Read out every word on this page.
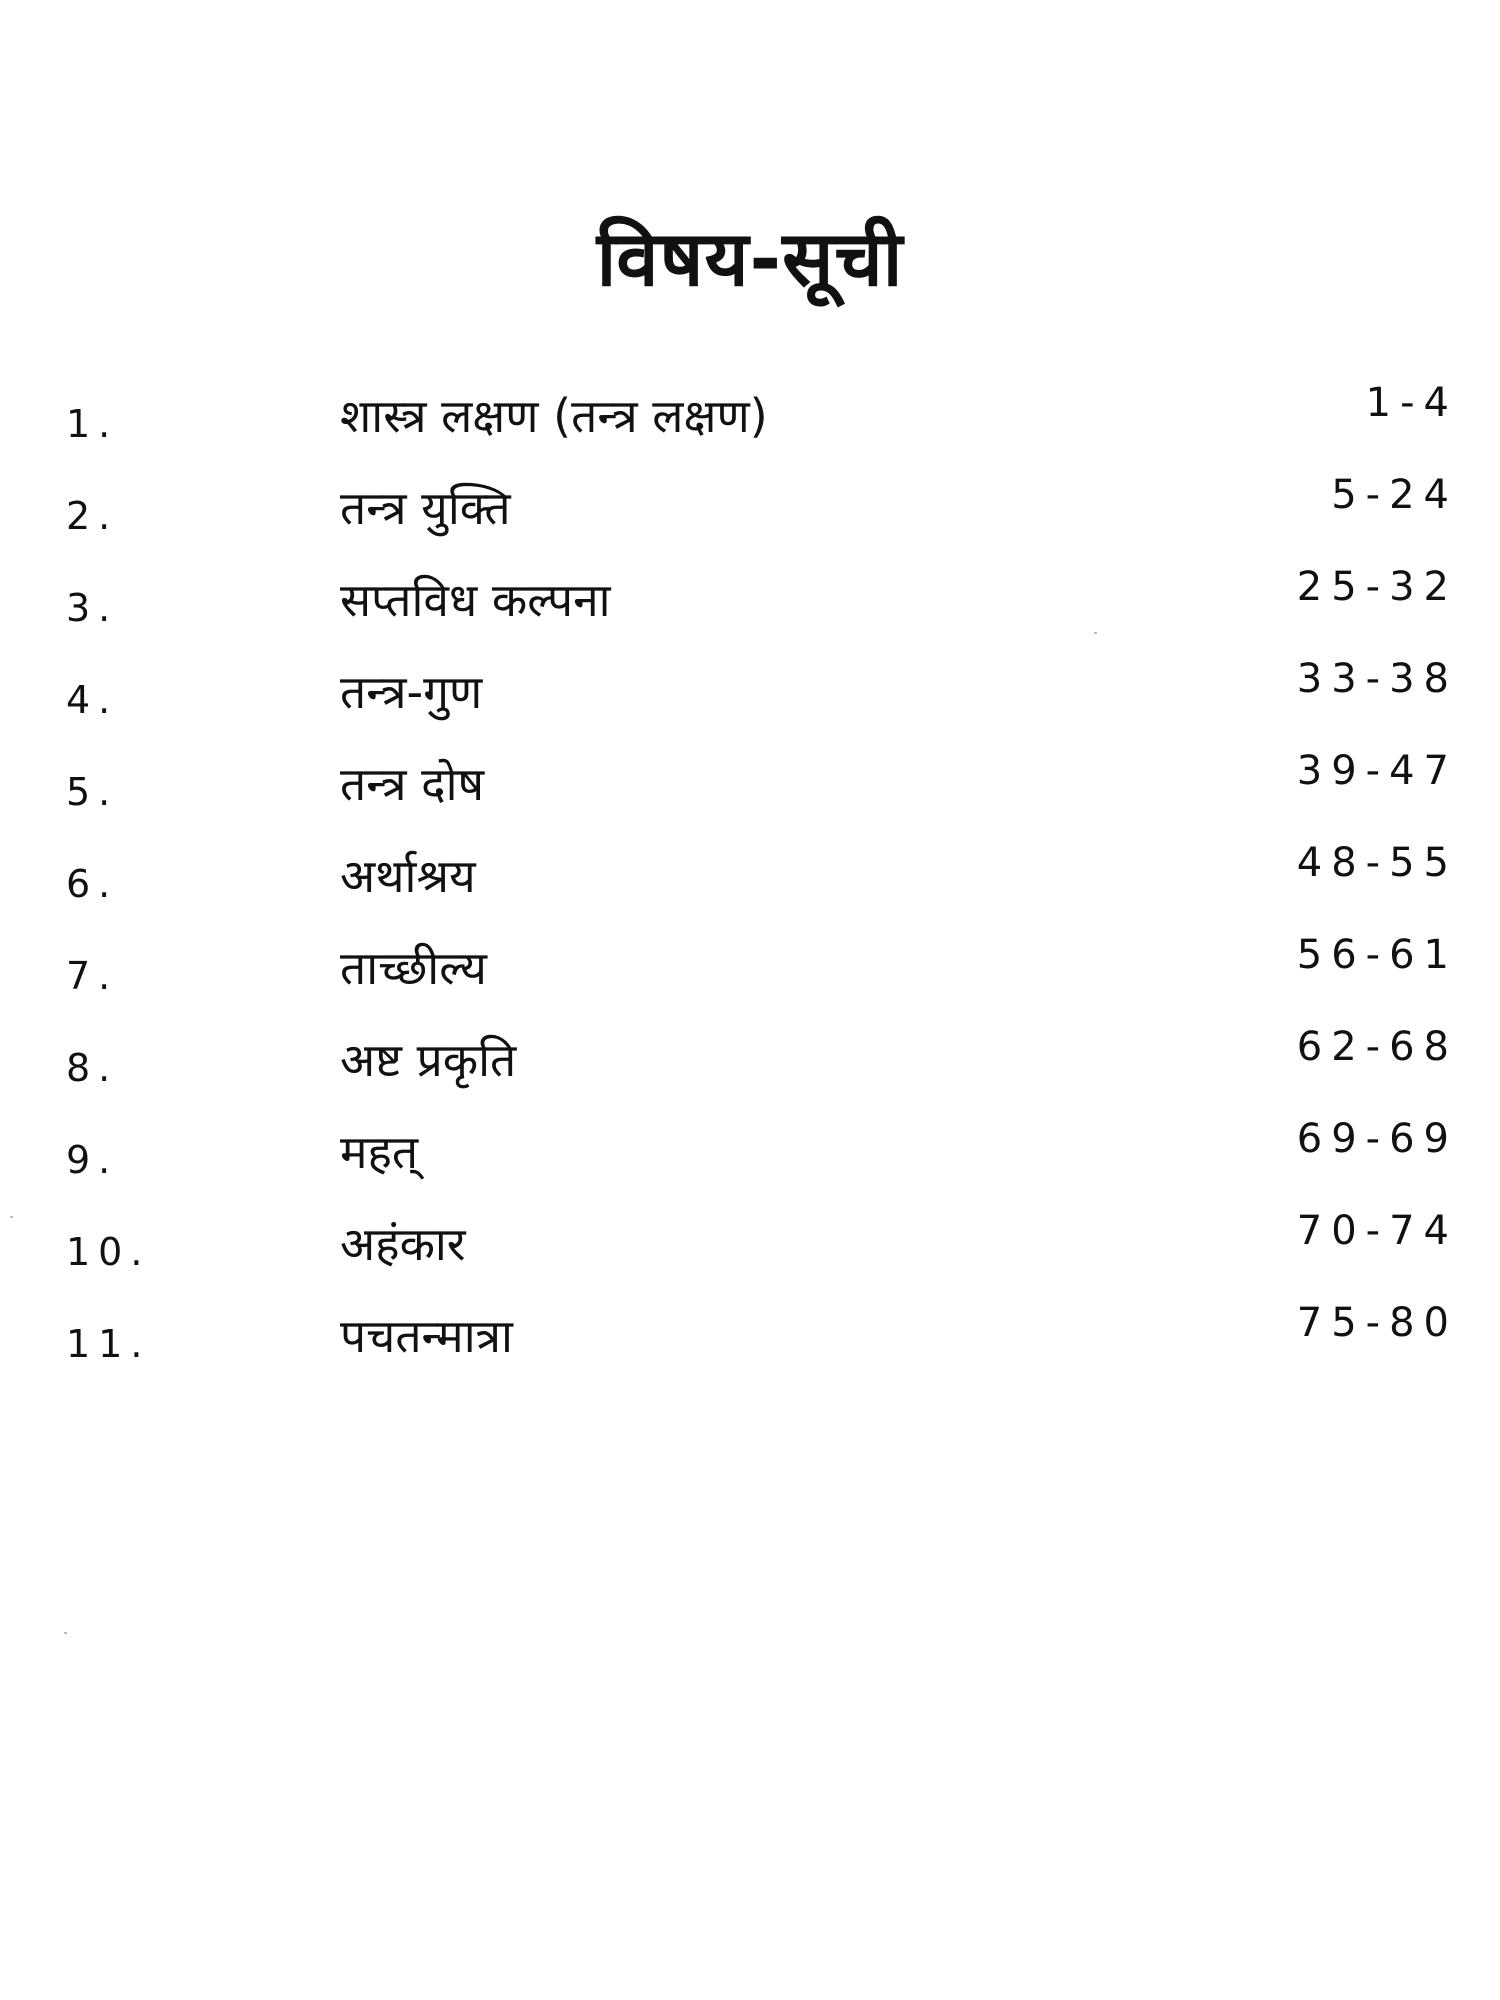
विषय-सूची
1.	शास्त्र लक्षण (तन्त्र लक्षण)	1-4
2.	तन्त्र युक्ति	5-24
3.	सप्तविध कल्पना	25-32
4.	तन्त्र-गुण	33-38
5.	तन्त्र दोष	39-47
6.	अर्थाश्रय	48-55
7.	ताच्छील्य	56-61
8.	अष्ट प्रकृति	62-68
9.	महत्	69-69
10.	अहंकार	70-74
11.	पचतन्मात्रा	75-80
